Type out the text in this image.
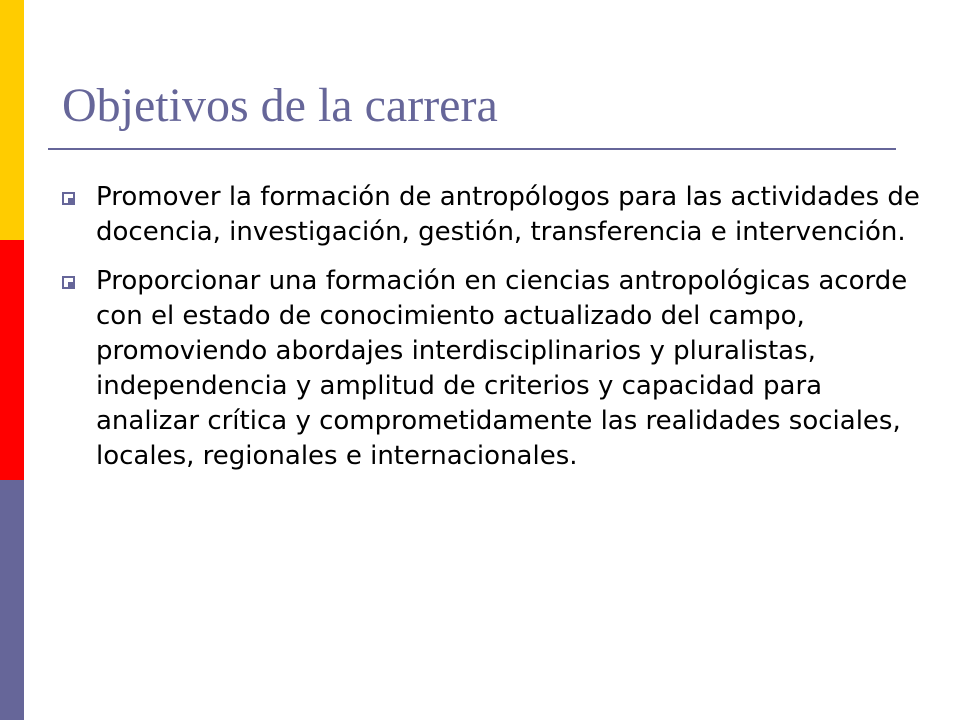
Objetivos de la carrera
Promover la formación de antropólogos para las actividades de docencia, investigación, gestión, transferencia e intervención.
Proporcionar una formación en ciencias antropológicas acorde con el estado de conocimiento actualizado del campo, promoviendo abordajes interdisciplinarios y pluralistas, independencia y amplitud de criterios y capacidad para analizar crítica y comprometidamente las realidades sociales, locales, regionales e internacionales.
